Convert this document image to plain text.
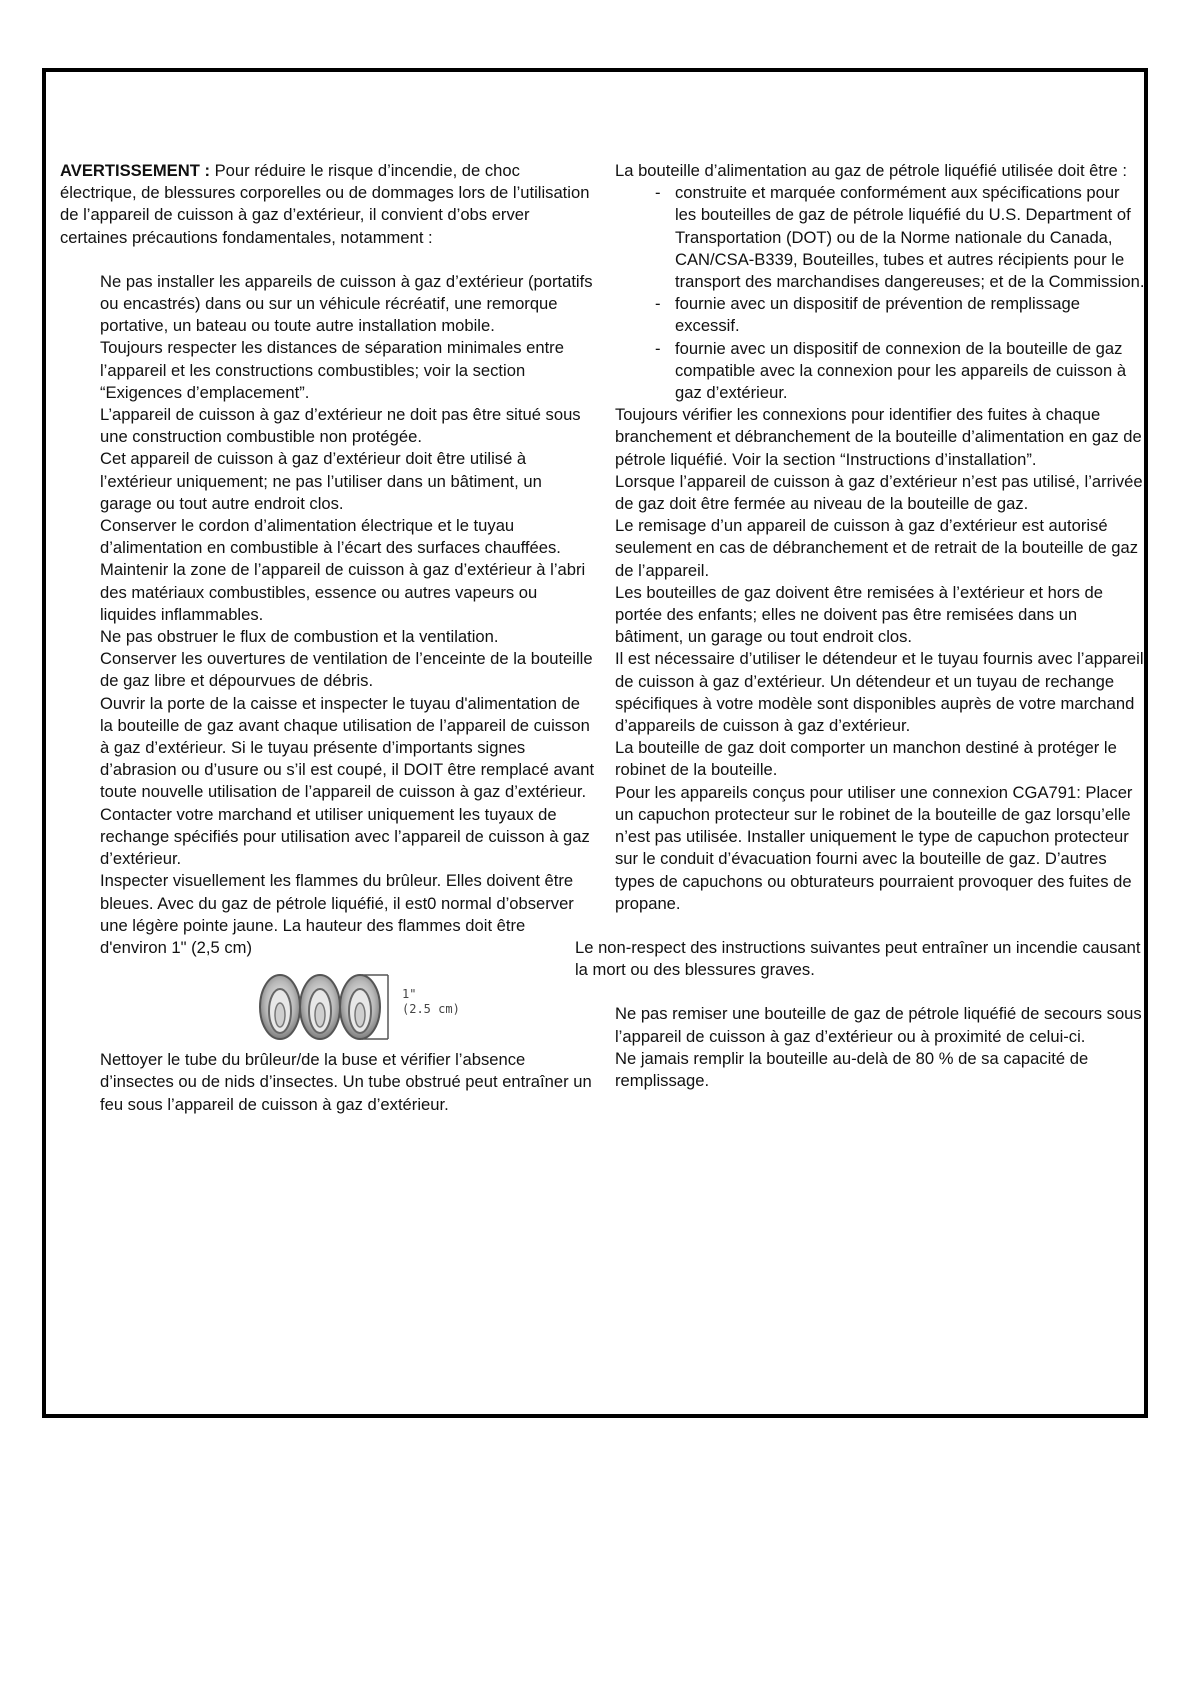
AVERTISSEMENT : Pour réduire le risque d’incendie, de choc électrique, de blessures corporelles ou de dommages lors de l’utilisation de l’appareil de cuisson à gaz d’extérieur, il convient d’obs erver certaines précautions fondamentales, notamment :

Ne pas installer les appareils de cuisson à gaz d’extérieur (portatifs ou encastrés) dans ou sur un véhicule récréatif, une remorque portative, un bateau ou toute autre installation mobile.

Toujours respecter les distances de séparation minimales entre l’appareil et les constructions combustibles; voir la section “Exigences d’emplacement”.

L’appareil de cuisson à gaz d’extérieur ne doit pas être situé sous une construction combustible non protégée.

Cet appareil de cuisson à gaz d’extérieur doit être utilisé à l’extérieur uniquement; ne pas l’utiliser dans un bâtiment, un garage ou tout autre endroit clos.

Conserver le cordon d’alimentation électrique et le tuyau d’alimentation en combustible à l’écart des surfaces chauffées.

Maintenir la zone de l’appareil de cuisson à gaz d’extérieur à l’abri des matériaux combustibles, essence ou autres vapeurs ou liquides inflammables.

Ne pas obstruer le flux de combustion et la ventilation.

Conserver les ouvertures de ventilation de l’enceinte de la bouteille de gaz libre et dépourvues de débris.

Ouvrir la porte de la caisse et inspecter le tuyau d'alimentation de la bouteille de gaz avant chaque utilisation de l’appareil de cuisson à gaz d’extérieur. Si le tuyau présente d’importants signes d’abrasion ou d’usure ou s’il est coupé, il DOIT être remplacé avant toute nouvelle utilisation de l’appareil de cuisson à gaz d’extérieur. Contacter votre marchand et utiliser uniquement les tuyaux de rechange spécifiés pour utilisation avec l’appareil de cuisson à gaz d’extérieur.

Inspecter visuellement les flammes du brûleur. Elles doivent être bleues. Avec du gaz de pétrole liquéfié, il est0 normal d’observer une légère pointe jaune. La hauteur des flammes doit être d'environ 1" (2,5 cm)

1"
(2.5 cm)

Nettoyer le tube du brûleur/de la buse et vérifier l’absence d’insectes ou de nids d’insectes. Un tube obstrué peut entraîner un feu sous l’appareil de cuisson à gaz d’extérieur.

La bouteille d’alimentation au gaz de pétrole liquéfié utilisée doit être :

- construite et marquée conformément aux spécifications pour les bouteilles de gaz de pétrole liquéfié du U.S. Department of Transportation (DOT) ou de la Norme nationale du Canada, CAN/CSA-B339, Bouteilles, tubes et autres récipients pour le transport des marchandises dangereuses; et de la Commission.
- fournie avec un dispositif de prévention de remplissage excessif.
- fournie avec un dispositif de connexion de la bouteille de gaz compatible avec la connexion pour les appareils de cuisson à gaz d’extérieur.

Toujours vérifier les connexions pour identifier des fuites à chaque branchement et débranchement de la bouteille d’alimentation en gaz de pétrole liquéfié. Voir la section “Instructions d’installation”.

Lorsque l’appareil de cuisson à gaz d’extérieur n’est pas utilisé, l’arrivée de gaz doit être fermée au niveau de la bouteille de gaz.

Le remisage d’un appareil de cuisson à gaz d’extérieur est autorisé seulement en cas de débranchement et de retrait de la bouteille de gaz de l’appareil.

Les bouteilles de gaz doivent être remisées à l’extérieur et hors de portée des enfants; elles ne doivent pas être remisées dans un bâtiment, un garage ou tout endroit clos.

Il est nécessaire d’utiliser le détendeur et le tuyau fournis avec l’appareil de cuisson à gaz d’extérieur. Un détendeur et un tuyau de rechange spécifiques à votre modèle sont disponibles auprès de votre marchand d’appareils de cuisson à gaz d’extérieur.

La bouteille de gaz doit comporter un manchon destiné à protéger le robinet de la bouteille.

Pour les appareils conçus pour utiliser une connexion CGA791: Placer un capuchon protecteur sur le robinet de la bouteille de gaz lorsqu’elle n’est pas utilisée. Installer uniquement le type de capuchon protecteur sur le conduit d’évacuation fourni avec la bouteille de gaz. D’autres types de capuchons ou obturateurs pourraient provoquer des fuites de propane.

Le non-respect des instructions suivantes peut entraîner un incendie causant la mort ou des blessures graves.

Ne pas remiser une bouteille de gaz de pétrole liquéfié de secours sous l’appareil de cuisson à gaz d’extérieur ou à proximité de celui-ci.

Ne jamais remplir la bouteille au-delà de 80 % de sa capacité de remplissage.
